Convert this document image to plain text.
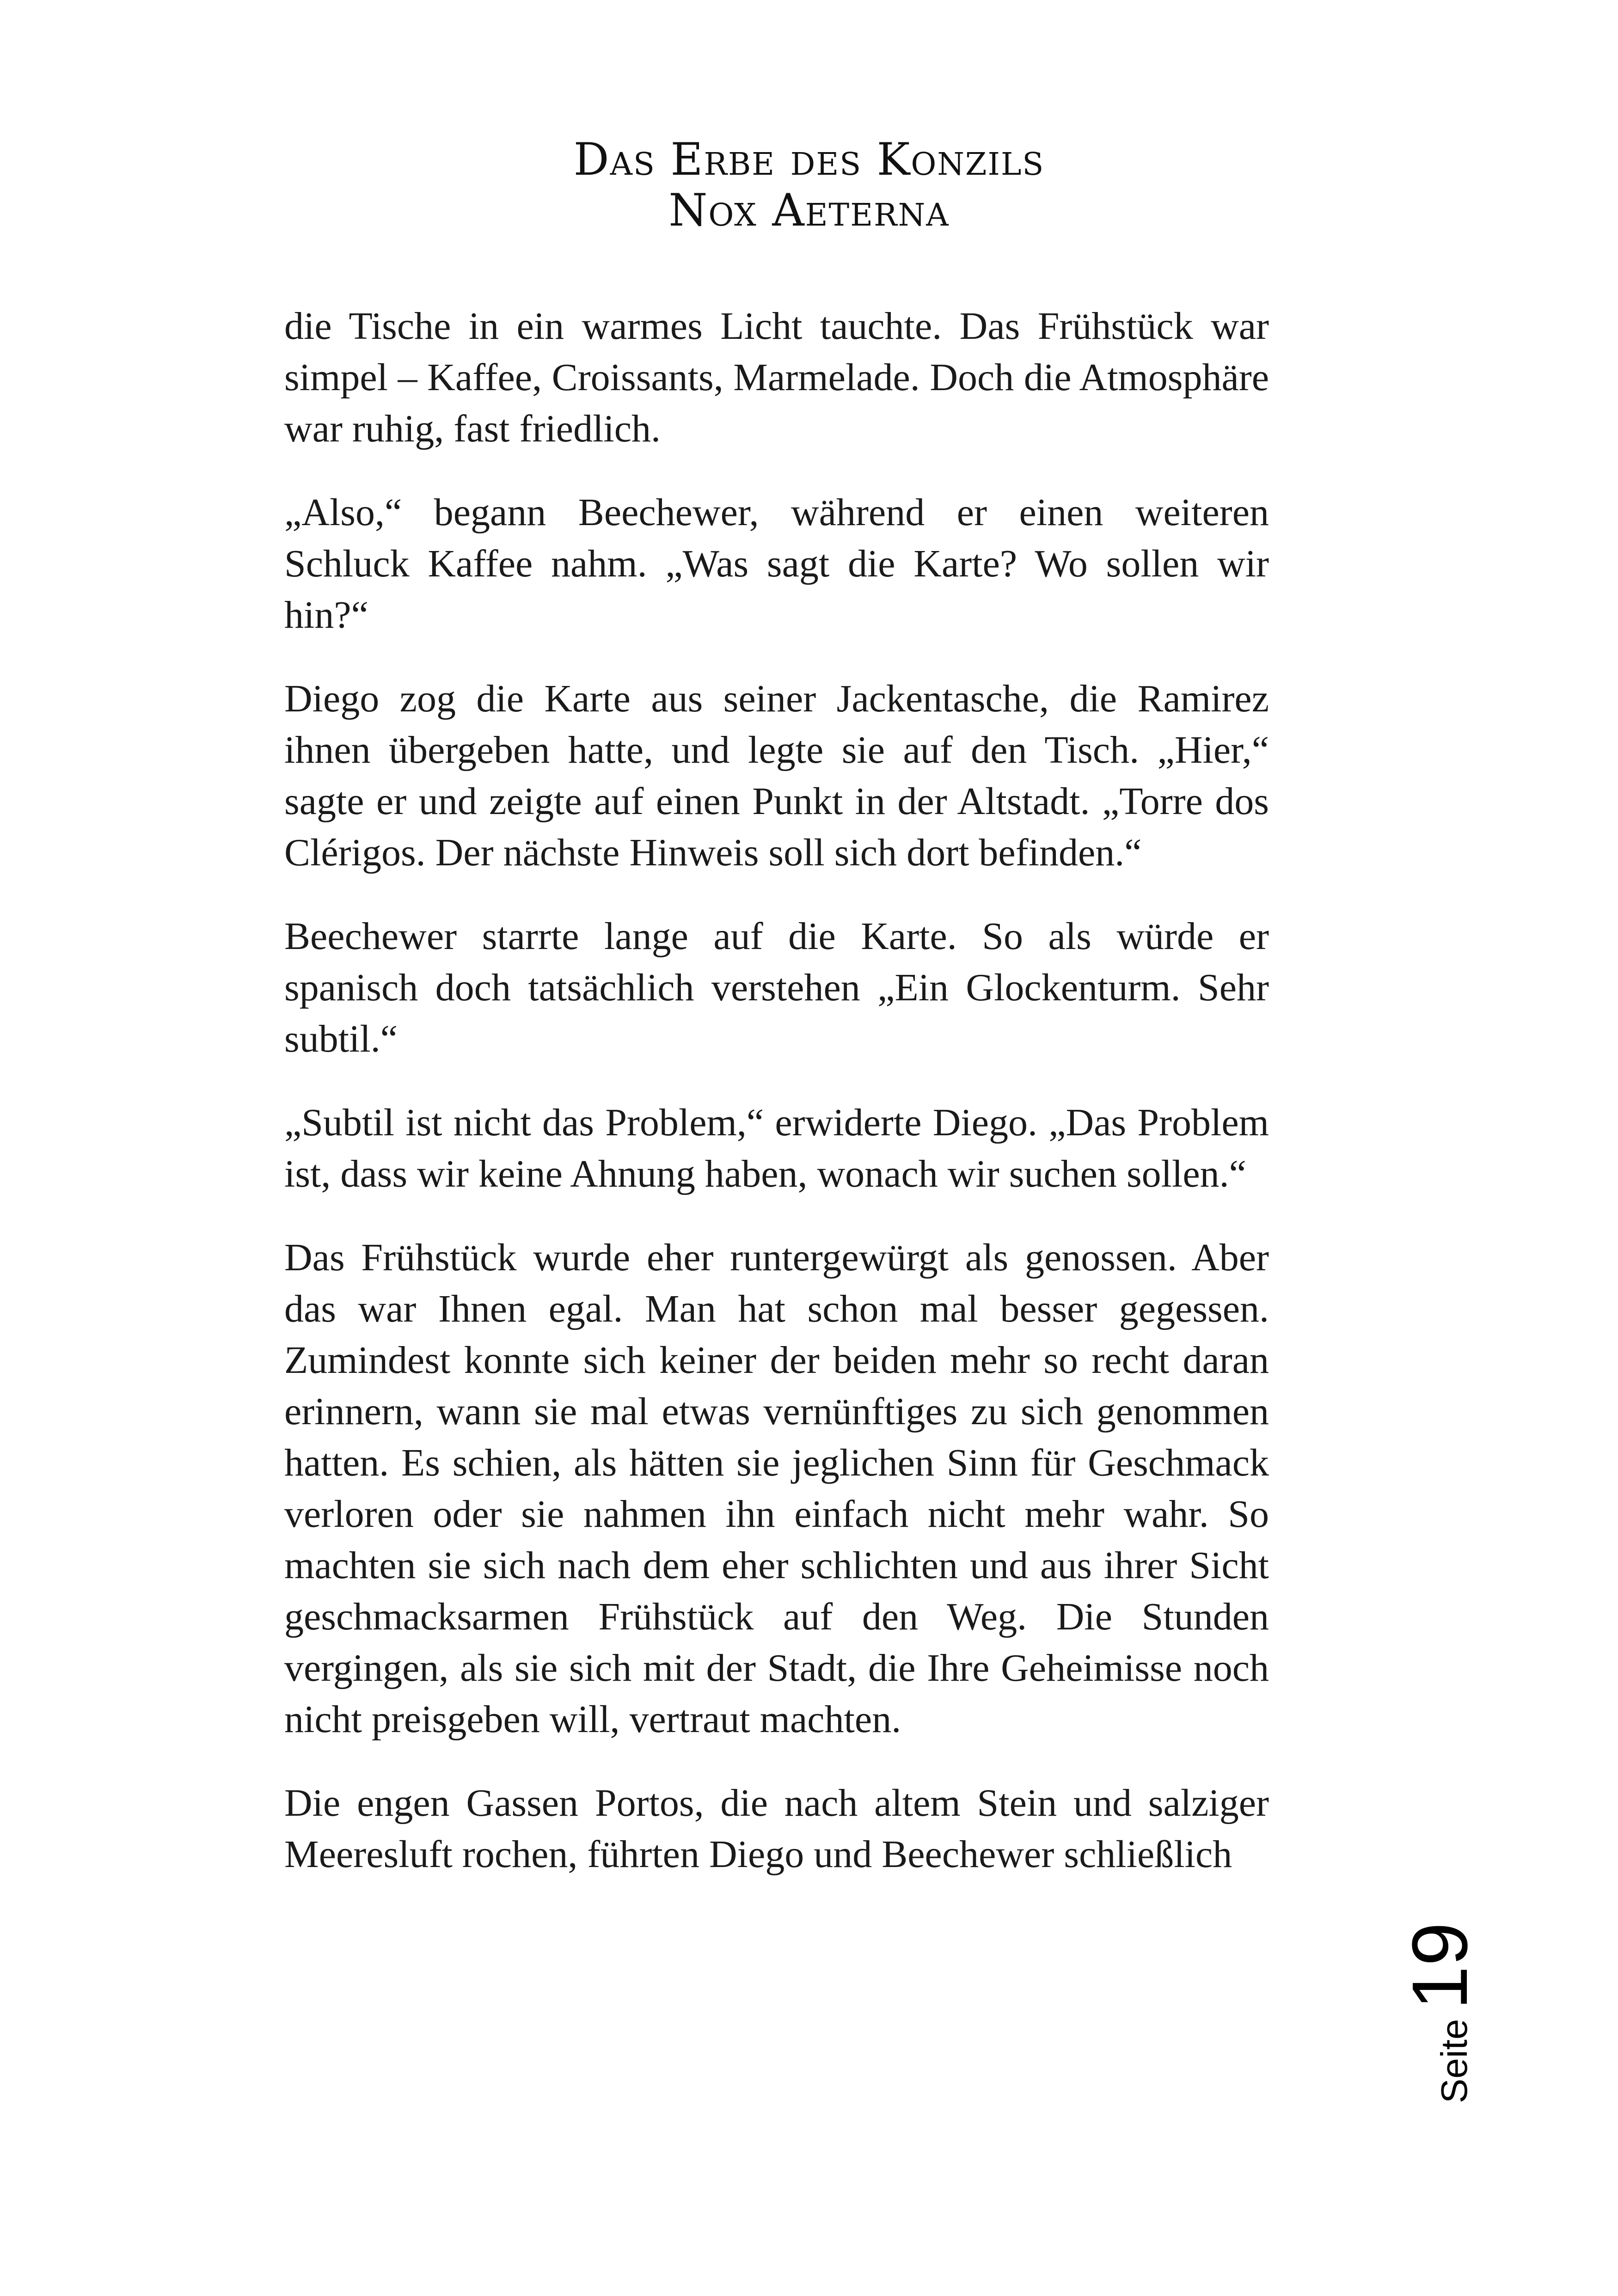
Das Erbe des Konzils
Nox Aeterna

die Tische in ein warmes Licht tauchte. Das Frühstück war simpel – Kaffee, Croissants, Marmelade. Doch die Atmosphäre war ruhig, fast friedlich.

„Also,“ begann Beechewer, während er einen weiteren Schluck Kaffee nahm. „Was sagt die Karte? Wo sollen wir hin?“

Diego zog die Karte aus seiner Jackentasche, die Ramirez ihnen übergeben hatte, und legte sie auf den Tisch. „Hier,“ sagte er und zeigte auf einen Punkt in der Altstadt. „Torre dos Clérigos. Der nächste Hinweis soll sich dort befinden.“

Beechewer starrte lange auf die Karte. So als würde er spanisch doch tatsächlich verstehen „Ein Glockenturm. Sehr subtil.“

„Subtil ist nicht das Problem,“ erwiderte Diego. „Das Problem ist, dass wir keine Ahnung haben, wonach wir suchen sollen.“

Das Frühstück wurde eher runtergewürgt als genossen. Aber das war Ihnen egal. Man hat schon mal besser gegessen. Zumindest konnte sich keiner der beiden mehr so recht daran erinnern, wann sie mal etwas vernünftiges zu sich genommen hatten. Es schien, als hätten sie jeglichen Sinn für Geschmack verloren oder sie nahmen ihn einfach nicht mehr wahr. So machten sie sich nach dem eher schlichten und aus ihrer Sicht geschmacksarmen Frühstück auf den Weg. Die Stunden vergingen, als sie sich mit der Stadt, die Ihre Geheimisse noch nicht preisgeben will, vertraut machten.

Die engen Gassen Portos, die nach altem Stein und salziger Meeresluft rochen, führten Diego und Beechewer schließlich

Seite
19
